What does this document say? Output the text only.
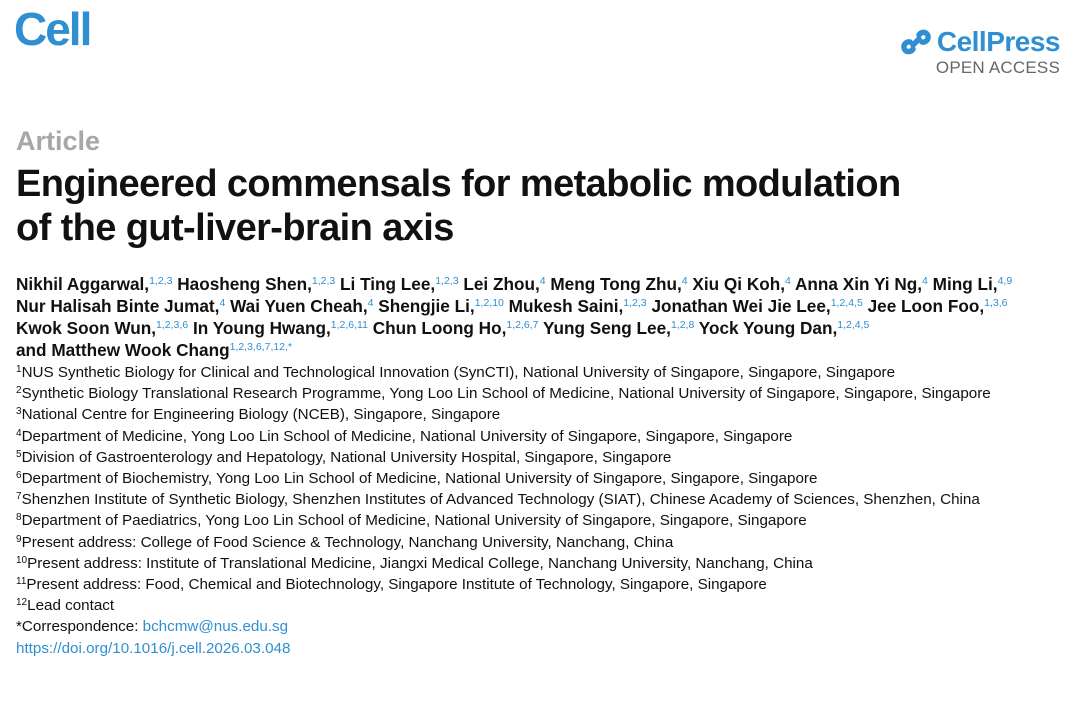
Cell	CellPress
OPEN ACCESS
Article
Engineered commensals for metabolic modulation
of the gut-liver-brain axis
Nikhil Aggarwal,$^{1,2,3}$ Haosheng Shen,$^{1,2,3}$ Li Ting Lee,$^{1,2,3}$ Lei Zhou,$^4$ Meng Tong Zhu,$^4$ Xiu Qi Koh,$^4$ Anna Xin Yi Ng,$^4$ Ming Li,$^{4,9}$ Nur Halisah Binte Jumat,$^4$ Wai Yuen Cheah,$^4$ Shengjie Li,$^{1,2,10}$ Mukesh Saini,$^{1,2,3}$ Jonathan Wei Jie Lee,$^{1,2,4,5}$ Jee Loon Foo,$^{1,3,6}$ Kwok Soon Wun,$^{1,2,3,6}$ In Young Hwang,$^{1,2,6,11}$ Chun Loong Ho,$^{1,2,6,7}$ Yung Seng Lee,$^{1,2,8}$ Yock Young Dan,$^{1,2,4,5}$ and Matthew Wook Chang$^{1,2,3,6,7,12,*}$
$^1$NUS Synthetic Biology for Clinical and Technological Innovation (SynCTI), National University of Singapore, Singapore, Singapore
$^2$Synthetic Biology Translational Research Programme, Yong Loo Lin School of Medicine, National University of Singapore, Singapore, Singapore
$^3$National Centre for Engineering Biology (NCEB), Singapore, Singapore
$^4$Department of Medicine, Yong Loo Lin School of Medicine, National University of Singapore, Singapore, Singapore
$^5$Division of Gastroenterology and Hepatology, National University Hospital, Singapore, Singapore
$^6$Department of Biochemistry, Yong Loo Lin School of Medicine, National University of Singapore, Singapore, Singapore
$^7$Shenzhen Institute of Synthetic Biology, Shenzhen Institutes of Advanced Technology (SIAT), Chinese Academy of Sciences, Shenzhen, China
$^8$Department of Paediatrics, Yong Loo Lin School of Medicine, National University of Singapore, Singapore, Singapore
$^9$Present address: College of Food Science & Technology, Nanchang University, Nanchang, China
$^{10}$Present address: Institute of Translational Medicine, Jiangxi Medical College, Nanchang University, Nanchang, China
$^{11}$Present address: Food, Chemical and Biotechnology, Singapore Institute of Technology, Singapore, Singapore
$^{12}$Lead contact
*Correspondence: bchcmw@nus.edu.sg
https://doi.org/10.1016/j.cell.2026.03.048
